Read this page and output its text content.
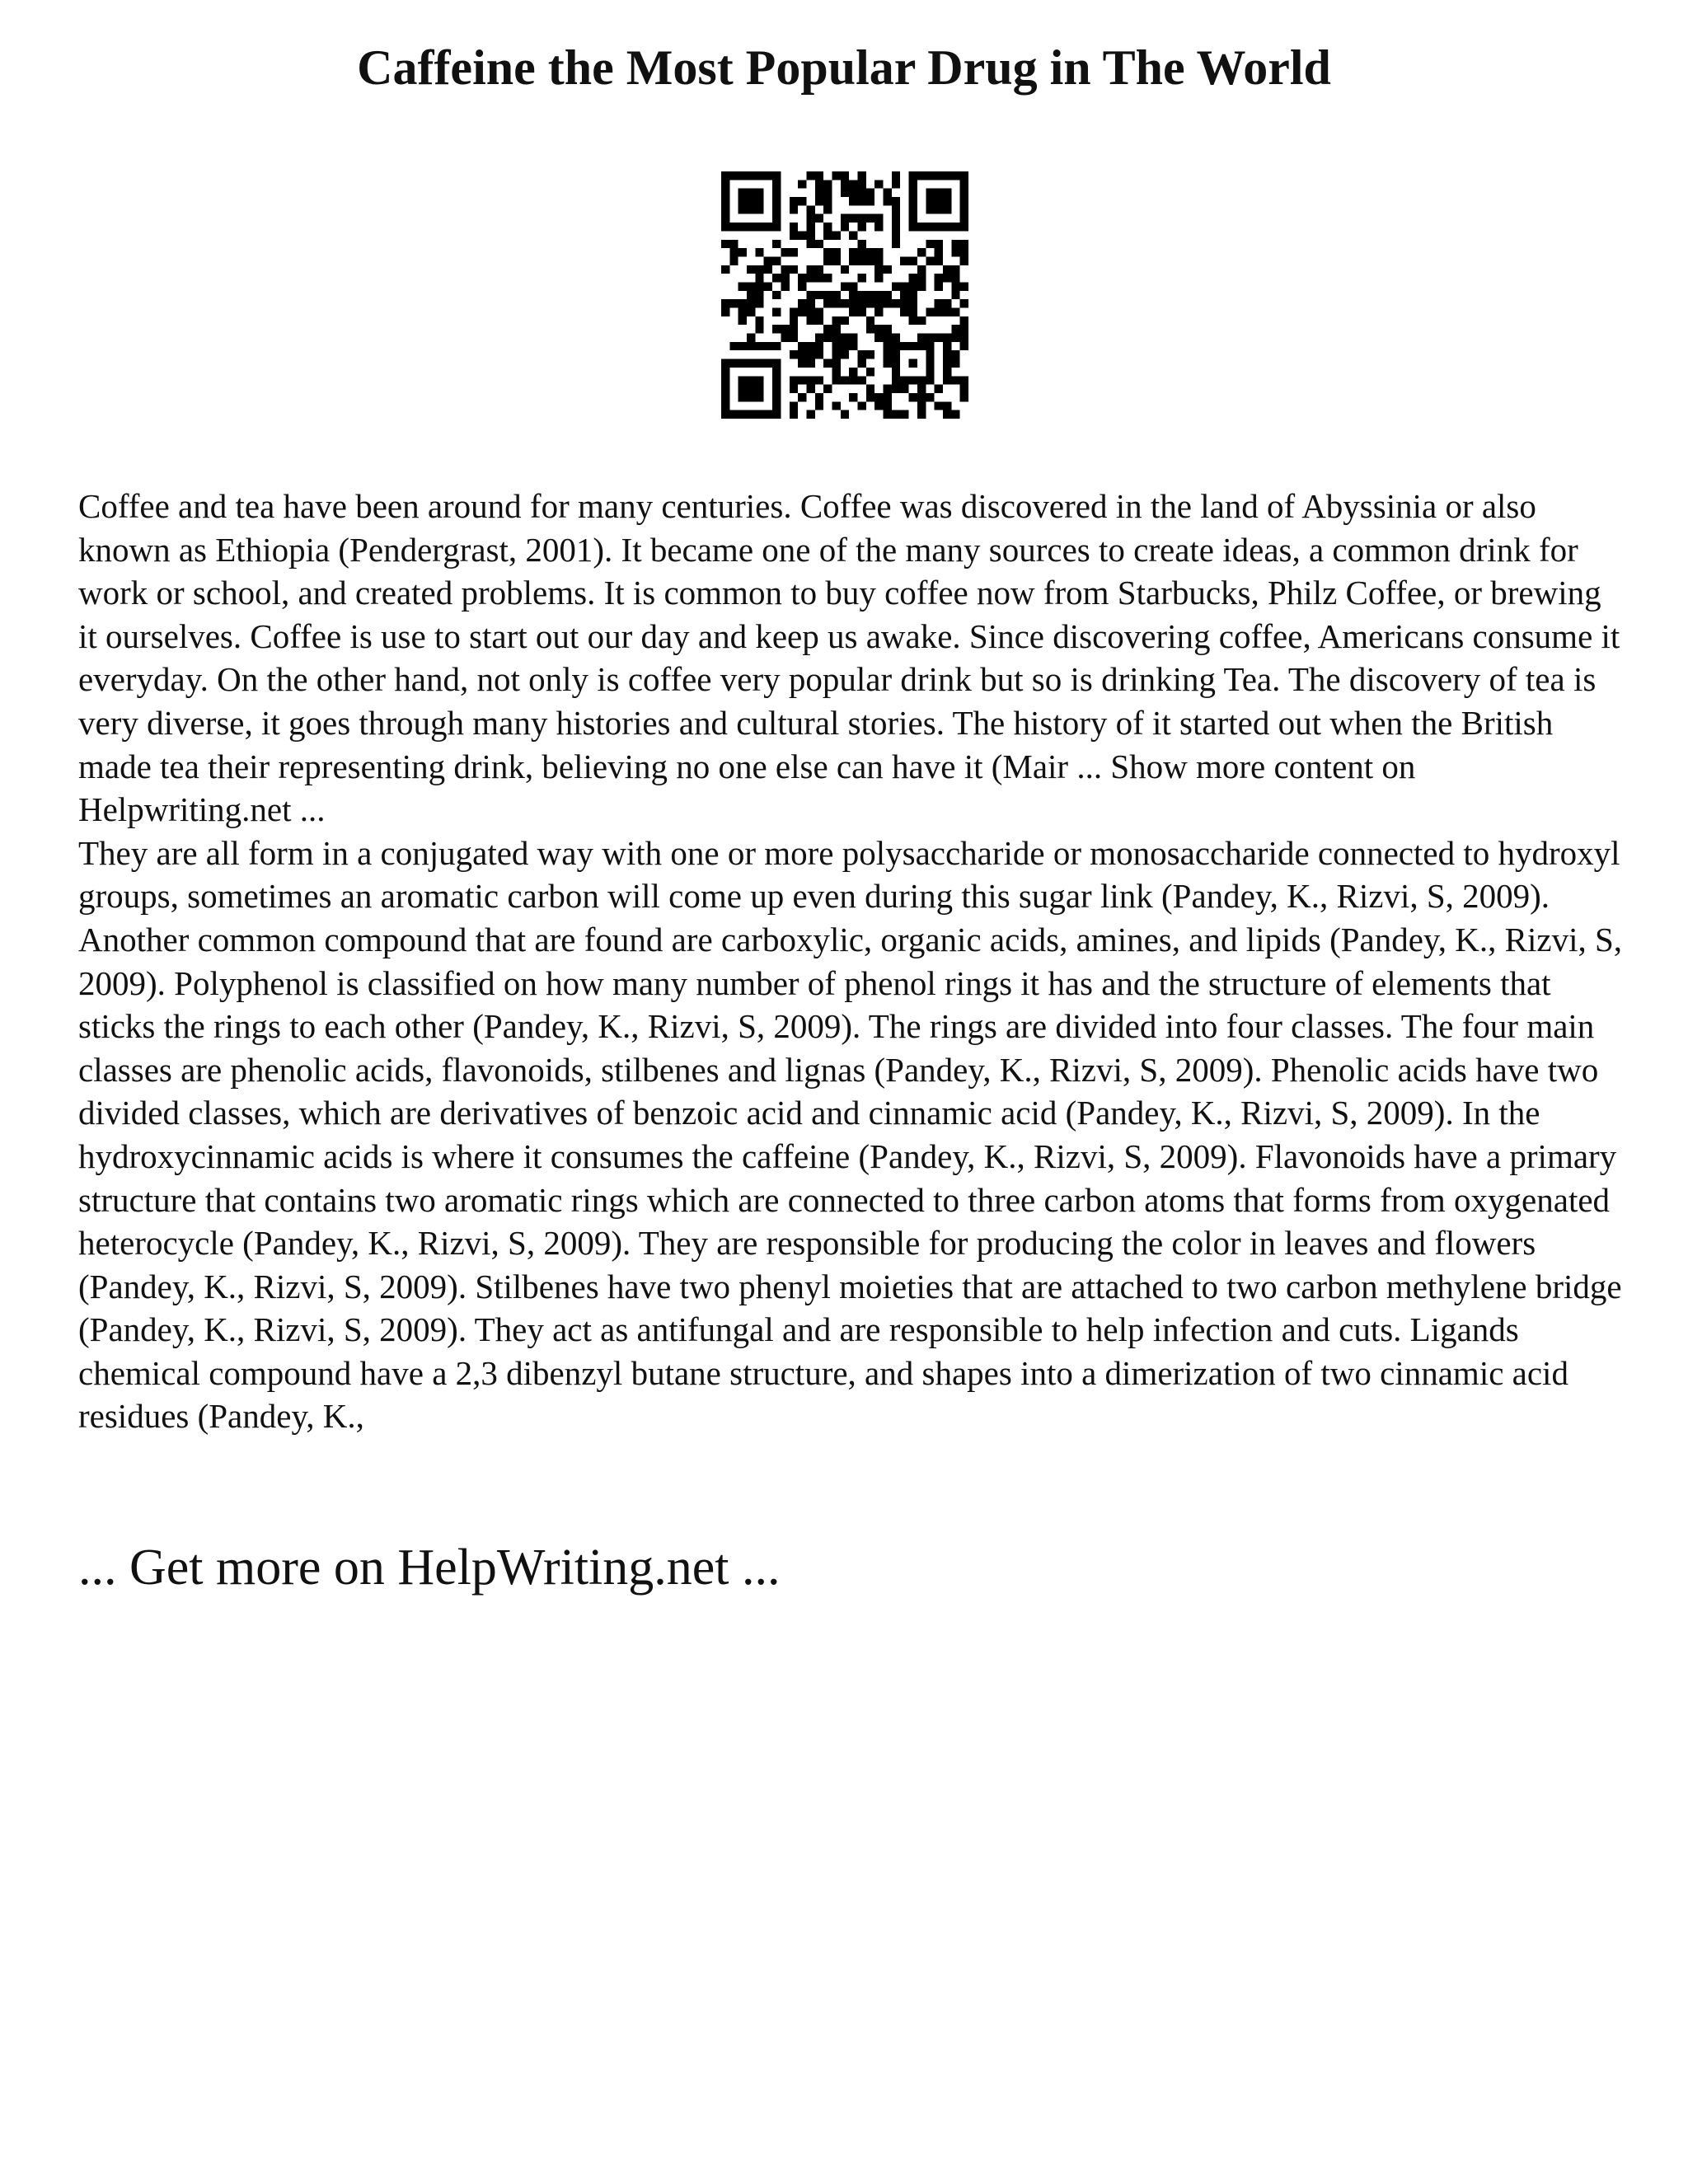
Caffeine the Most Popular Drug in The World

Coffee and tea have been around for many centuries. Coffee was discovered in the land of Abyssinia or also known as Ethiopia (Pendergrast, 2001). It became one of the many sources to create ideas, a common drink for work or school, and created problems. It is common to buy coffee now from Starbucks, Philz Coffee, or brewing it ourselves. Coffee is use to start out our day and keep us awake. Since discovering coffee, Americans consume it everyday. On the other hand, not only is coffee very popular drink but so is drinking Tea. The discovery of tea is very diverse, it goes through many histories and cultural stories. The history of it started out when the British made tea their representing drink, believing no one else can have it (Mair ... Show more content on Helpwriting.net ...

They are all form in a conjugated way with one or more polysaccharide or monosaccharide connected to hydroxyl groups, sometimes an aromatic carbon will come up even during this sugar link (Pandey, K., Rizvi, S, 2009). Another common compound that are found are carboxylic, organic acids, amines, and lipids (Pandey, K., Rizvi, S, 2009). Polyphenol is classified on how many number of phenol rings it has and the structure of elements that sticks the rings to each other (Pandey, K., Rizvi, S, 2009). The rings are divided into four classes. The four main classes are phenolic acids, flavonoids, stilbenes and lignas (Pandey, K., Rizvi, S, 2009). Phenolic acids have two divided classes, which are derivatives of benzoic acid and cinnamic acid (Pandey, K., Rizvi, S, 2009). In the hydroxycinnamic acids is where it consumes the caffeine (Pandey, K., Rizvi, S, 2009). Flavonoids have a primary structure that contains two aromatic rings which are connected to three carbon atoms that forms from oxygenated heterocycle (Pandey, K., Rizvi, S, 2009). They are responsible for producing the color in leaves and flowers (Pandey, K., Rizvi, S, 2009). Stilbenes have two phenyl moieties that are attached to two carbon methylene bridge (Pandey, K., Rizvi, S, 2009). They act as antifungal and are responsible to help infection and cuts. Ligands chemical compound have a 2,3 dibenzyl butane structure, and shapes into a dimerization of two cinnamic acid residues (Pandey, K.,

... Get more on HelpWriting.net ...
